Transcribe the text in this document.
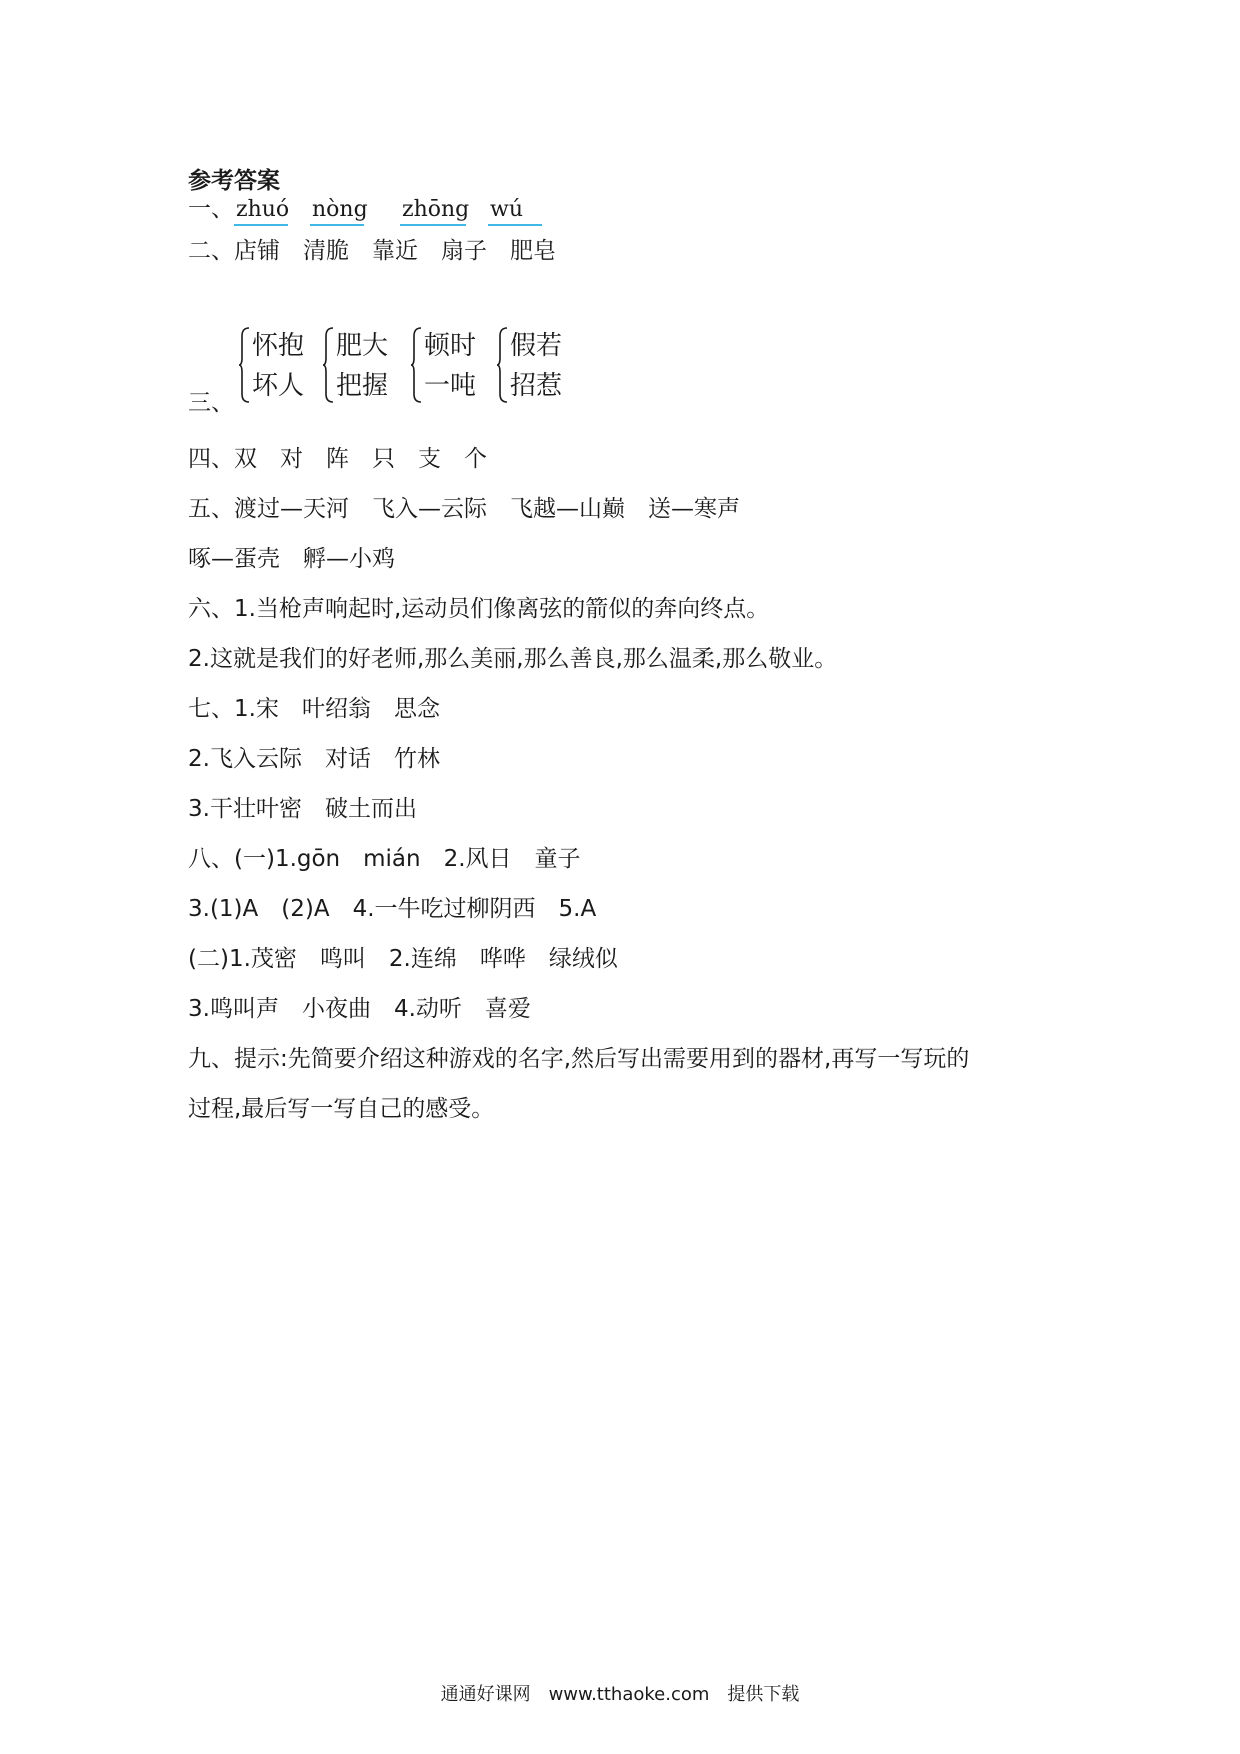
参考答案
一、 zhuó nòng zhōng wú
二、店铺　清脆　靠近　扇子　肥皂
怀抱
坏人
肥大
把握
顿时
一吨
假若
招惹
三、
四、双　对　阵　只　支　个
五、渡过—天河　飞入—云际　飞越—山巅　送—寒声
啄—蛋壳　孵—小鸡
六、1.当枪声响起时,运动员们像离弦的箭似的奔向终点。
2.这就是我们的好老师,那么美丽,那么善良,那么温柔,那么敬业。
七、1.宋　叶绍翁　思念
2.飞入云际　对话　竹林
3.干壮叶密　破土而出
八、(一)1.gōn　mián　2.风日　童子
3.(1)A　(2)A　4.一牛吃过柳阴西　5.A
(二)1.茂密　鸣叫　2.连绵　哗哗　绿绒似
3.鸣叫声　小夜曲　4.动听　喜爱
九、提示:先简要介绍这种游戏的名字,然后写出需要用到的器材,再写一写玩的
过程,最后写一写自己的感受。
通通好课网　www.tthaoke.com　提供下载
